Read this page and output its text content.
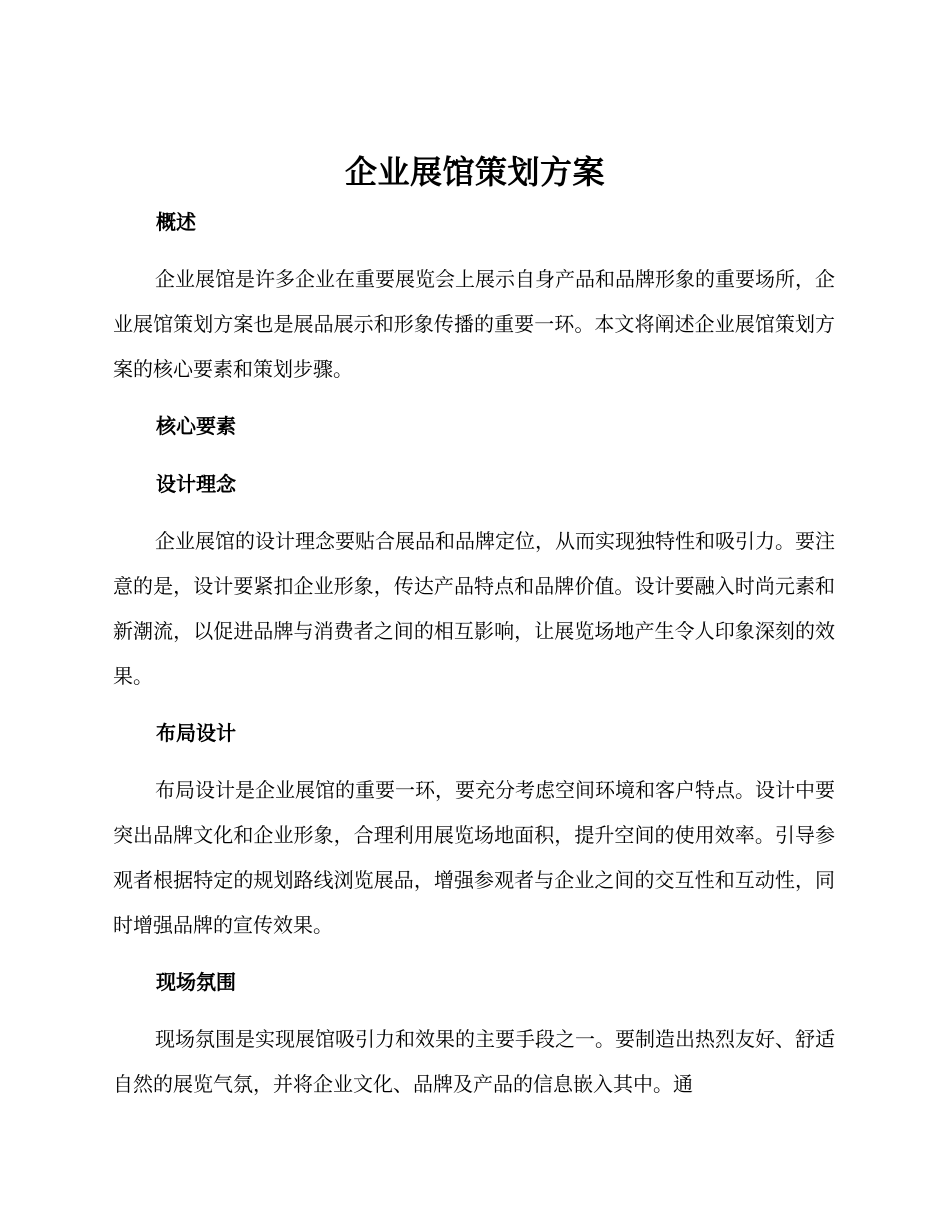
企业展馆策划方案
概述
企业展馆是许多企业在重要展览会上展示自身产品和品牌形象的重要场所，企业展馆策划方案也是展品展示和形象传播的重要一环。本文将阐述企业展馆策划方案的核心要素和策划步骤。
核心要素
设计理念
企业展馆的设计理念要贴合展品和品牌定位，从而实现独特性和吸引力。要注意的是，设计要紧扣企业形象，传达产品特点和品牌价值。设计要融入时尚元素和新潮流，以促进品牌与消费者之间的相互影响，让展览场地产生令人印象深刻的效果。
布局设计
布局设计是企业展馆的重要一环，要充分考虑空间环境和客户特点。设计中要突出品牌文化和企业形象，合理利用展览场地面积，提升空间的使用效率。引导参观者根据特定的规划路线浏览展品，增强参观者与企业之间的交互性和互动性，同时增强品牌的宣传效果。
现场氛围
现场氛围是实现展馆吸引力和效果的主要手段之一。要制造出热烈友好、舒适自然的展览气氛，并将企业文化、品牌及产品的信息嵌入其中。通
